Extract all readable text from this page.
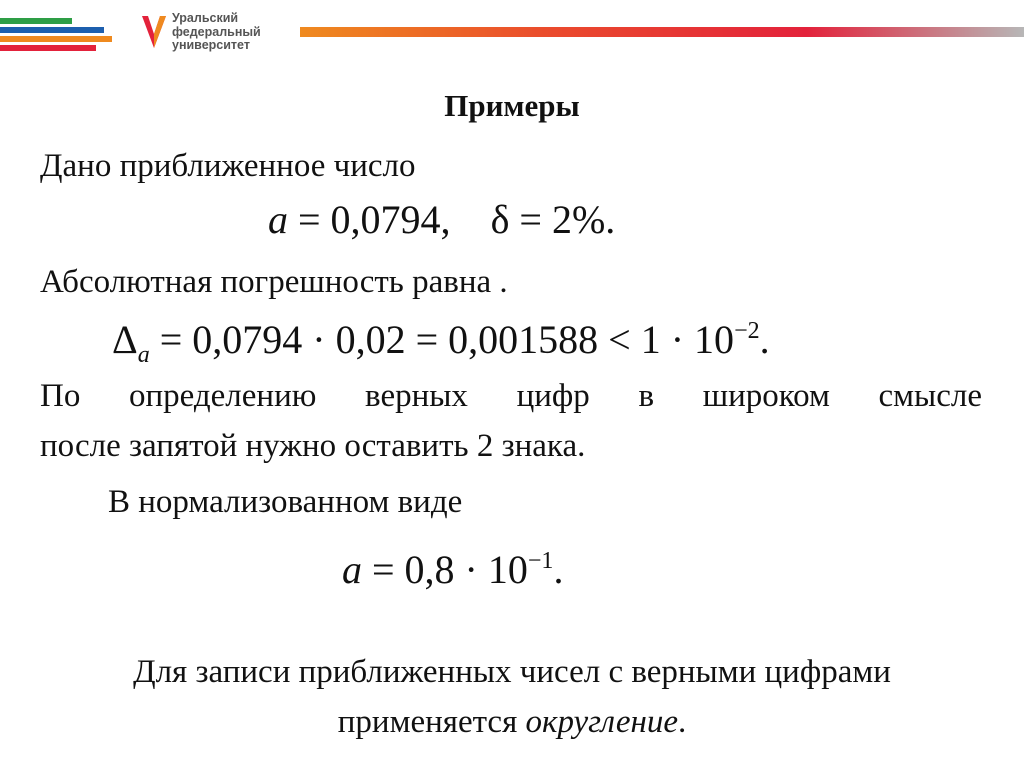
Уральский
федеральный
университет
Примеры
Дано приближенное число
a = 0,0794, δ = 2%.
Абсолютная погрешность равна .
$\Delta_a = 0,0794 \cdot 0,02 = 0,001588 < 1 \cdot 10^{-2}$.
По определению верных цифр в широком смысле
после запятой нужно оставить 2 знака.
В нормализованном виде
$a = 0,8 \cdot 10^{-1}$.
Для записи приближенных чисел с верными цифрами
применяется округление.
